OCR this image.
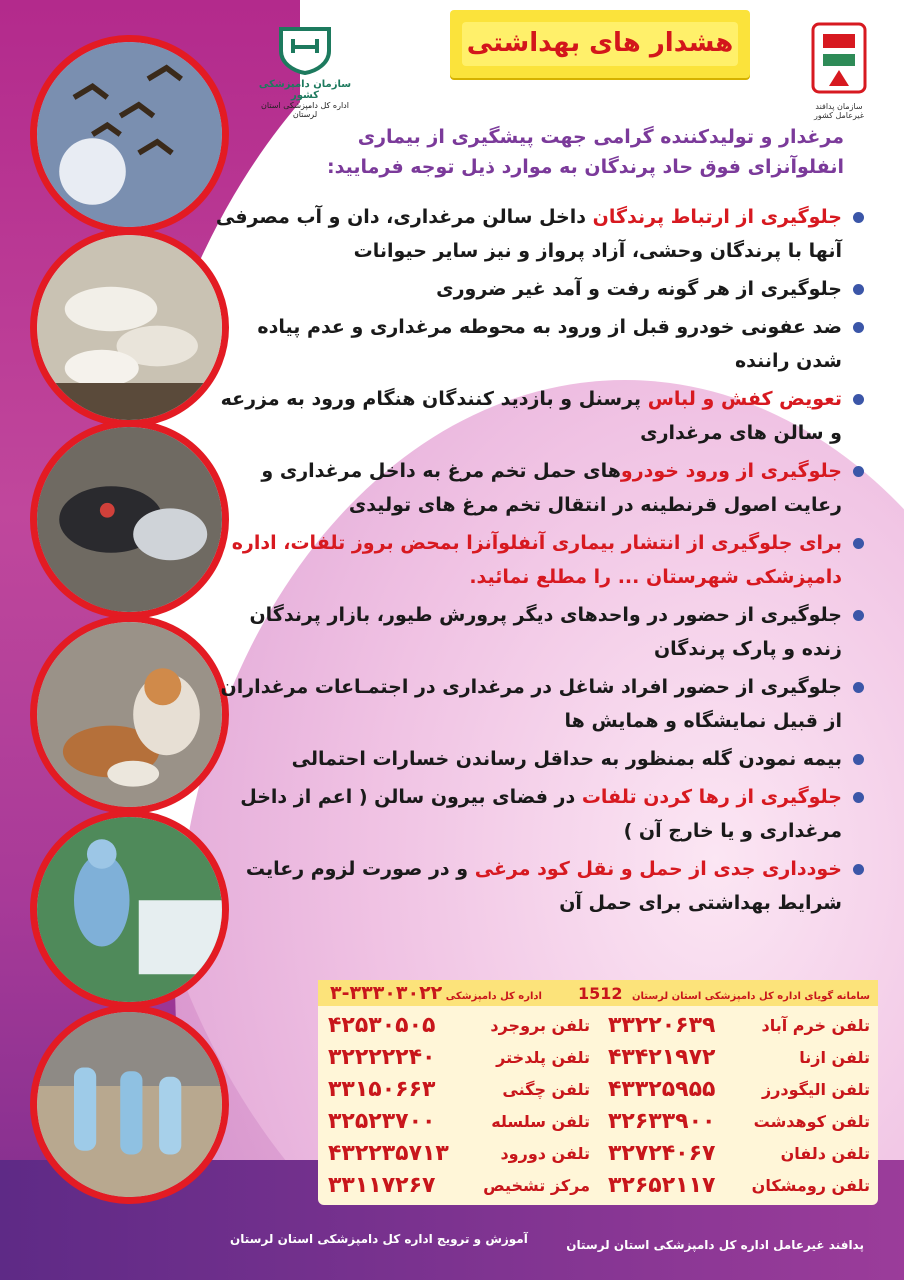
هشدار های بهداشتی
سازمان پدافند غیرعامل کشور
سازمان دامپزشکی کشور
اداره کل دامپزشکی استان لرستان
مرغدار و تولیدکننده گرامی جهت پیشگیری از بیماری
انفلوآنزای فوق حاد پرندگان به موارد ذیل توجه فرمایید:
جلوگیری از ارتباط پرندگان داخل سالن مرغداری، دان و آب مصرفی آنها با پرندگان وحشی، آزاد پرواز و نیز سایر حیوانات
جلوگیری از هر گونه رفت و آمد غیر ضروری
ضد عفونی خودرو قبل از ورود به محوطه مرغداری و عدم پیاده شدن رانند‌ه
تعویض کفش و لباس پرسنل و بازدید کنندگان هنگام ورود به مزرعه و سالن های مرغداری
جلوگیری از ورود خودروهای حمل تخم مرغ به داخل مرغداری و رعایت اصول قرنطینه در انتقال تخم مرغ های تولیدی
برای جلوگیری از انتشار بیماری آنفلوآنزا بمحض بروز تلفات، اداره دامپزشکی شهرستان ... را مطلع نمائید.
جلوگیری از حضور در واحدهای دیگر پرورش طیور، بازار پرندگان زنده و پارک پرندگان
جلوگیری از حضور افراد شاغل در مرغداری در اجتمـاعات مرغداران از قبیل نمایشگاه و همایش ها
بیمه نمودن گله بمنظور به حداقل رساندن خسارات احتمالی
جلوگیری از رها کردن تلفات در فضای بیرون سالن ( اعم از داخل مرغداری و یا خارج آن )
خودداری جدی از حمل و نقل کود مرغی و در صورت لزوم رعایت شرایط بهداشتی برای حمل آن
سامانه گویای اداره کل دامپزشکی استان لرستان 1512
اداره کل دامپزشکی ۳۳۳۰۳۰۲۲-۳
تلفن خرم آباد
۳۳۲۲۰۶۳۹
تلفن بروجرد
۴۲۵۳۰۵۰۵
تلفن ازنا
۴۳۴۲۱۹۷۲
تلفن پلدختر
۳۲۲۲۲۲۴۰
تلفن الیگودرز
۴۳۳۲۵۹۵۵
تلفن چگنی
۳۳۱۵۰۶۶۳
تلفن کوهدشت
۳۲۶۳۳۹۰۰
تلفن سلسله
۳۲۵۲۳۷۰۰
تلفن دلفان
۳۲۷۲۴۰۶۷
تلفن دورود
۴۳۲۲۳۵۷۱۳
تلفن رومشکان
۳۲۶۵۲۱۱۷
مرکز تشخیص
۳۳۱۱۷۲۶۷
پدافند غیرعامل اداره کل دامپزشکی استان لرستان
آموزش و ترویج اداره کل دامپزشکی استان لرستان
